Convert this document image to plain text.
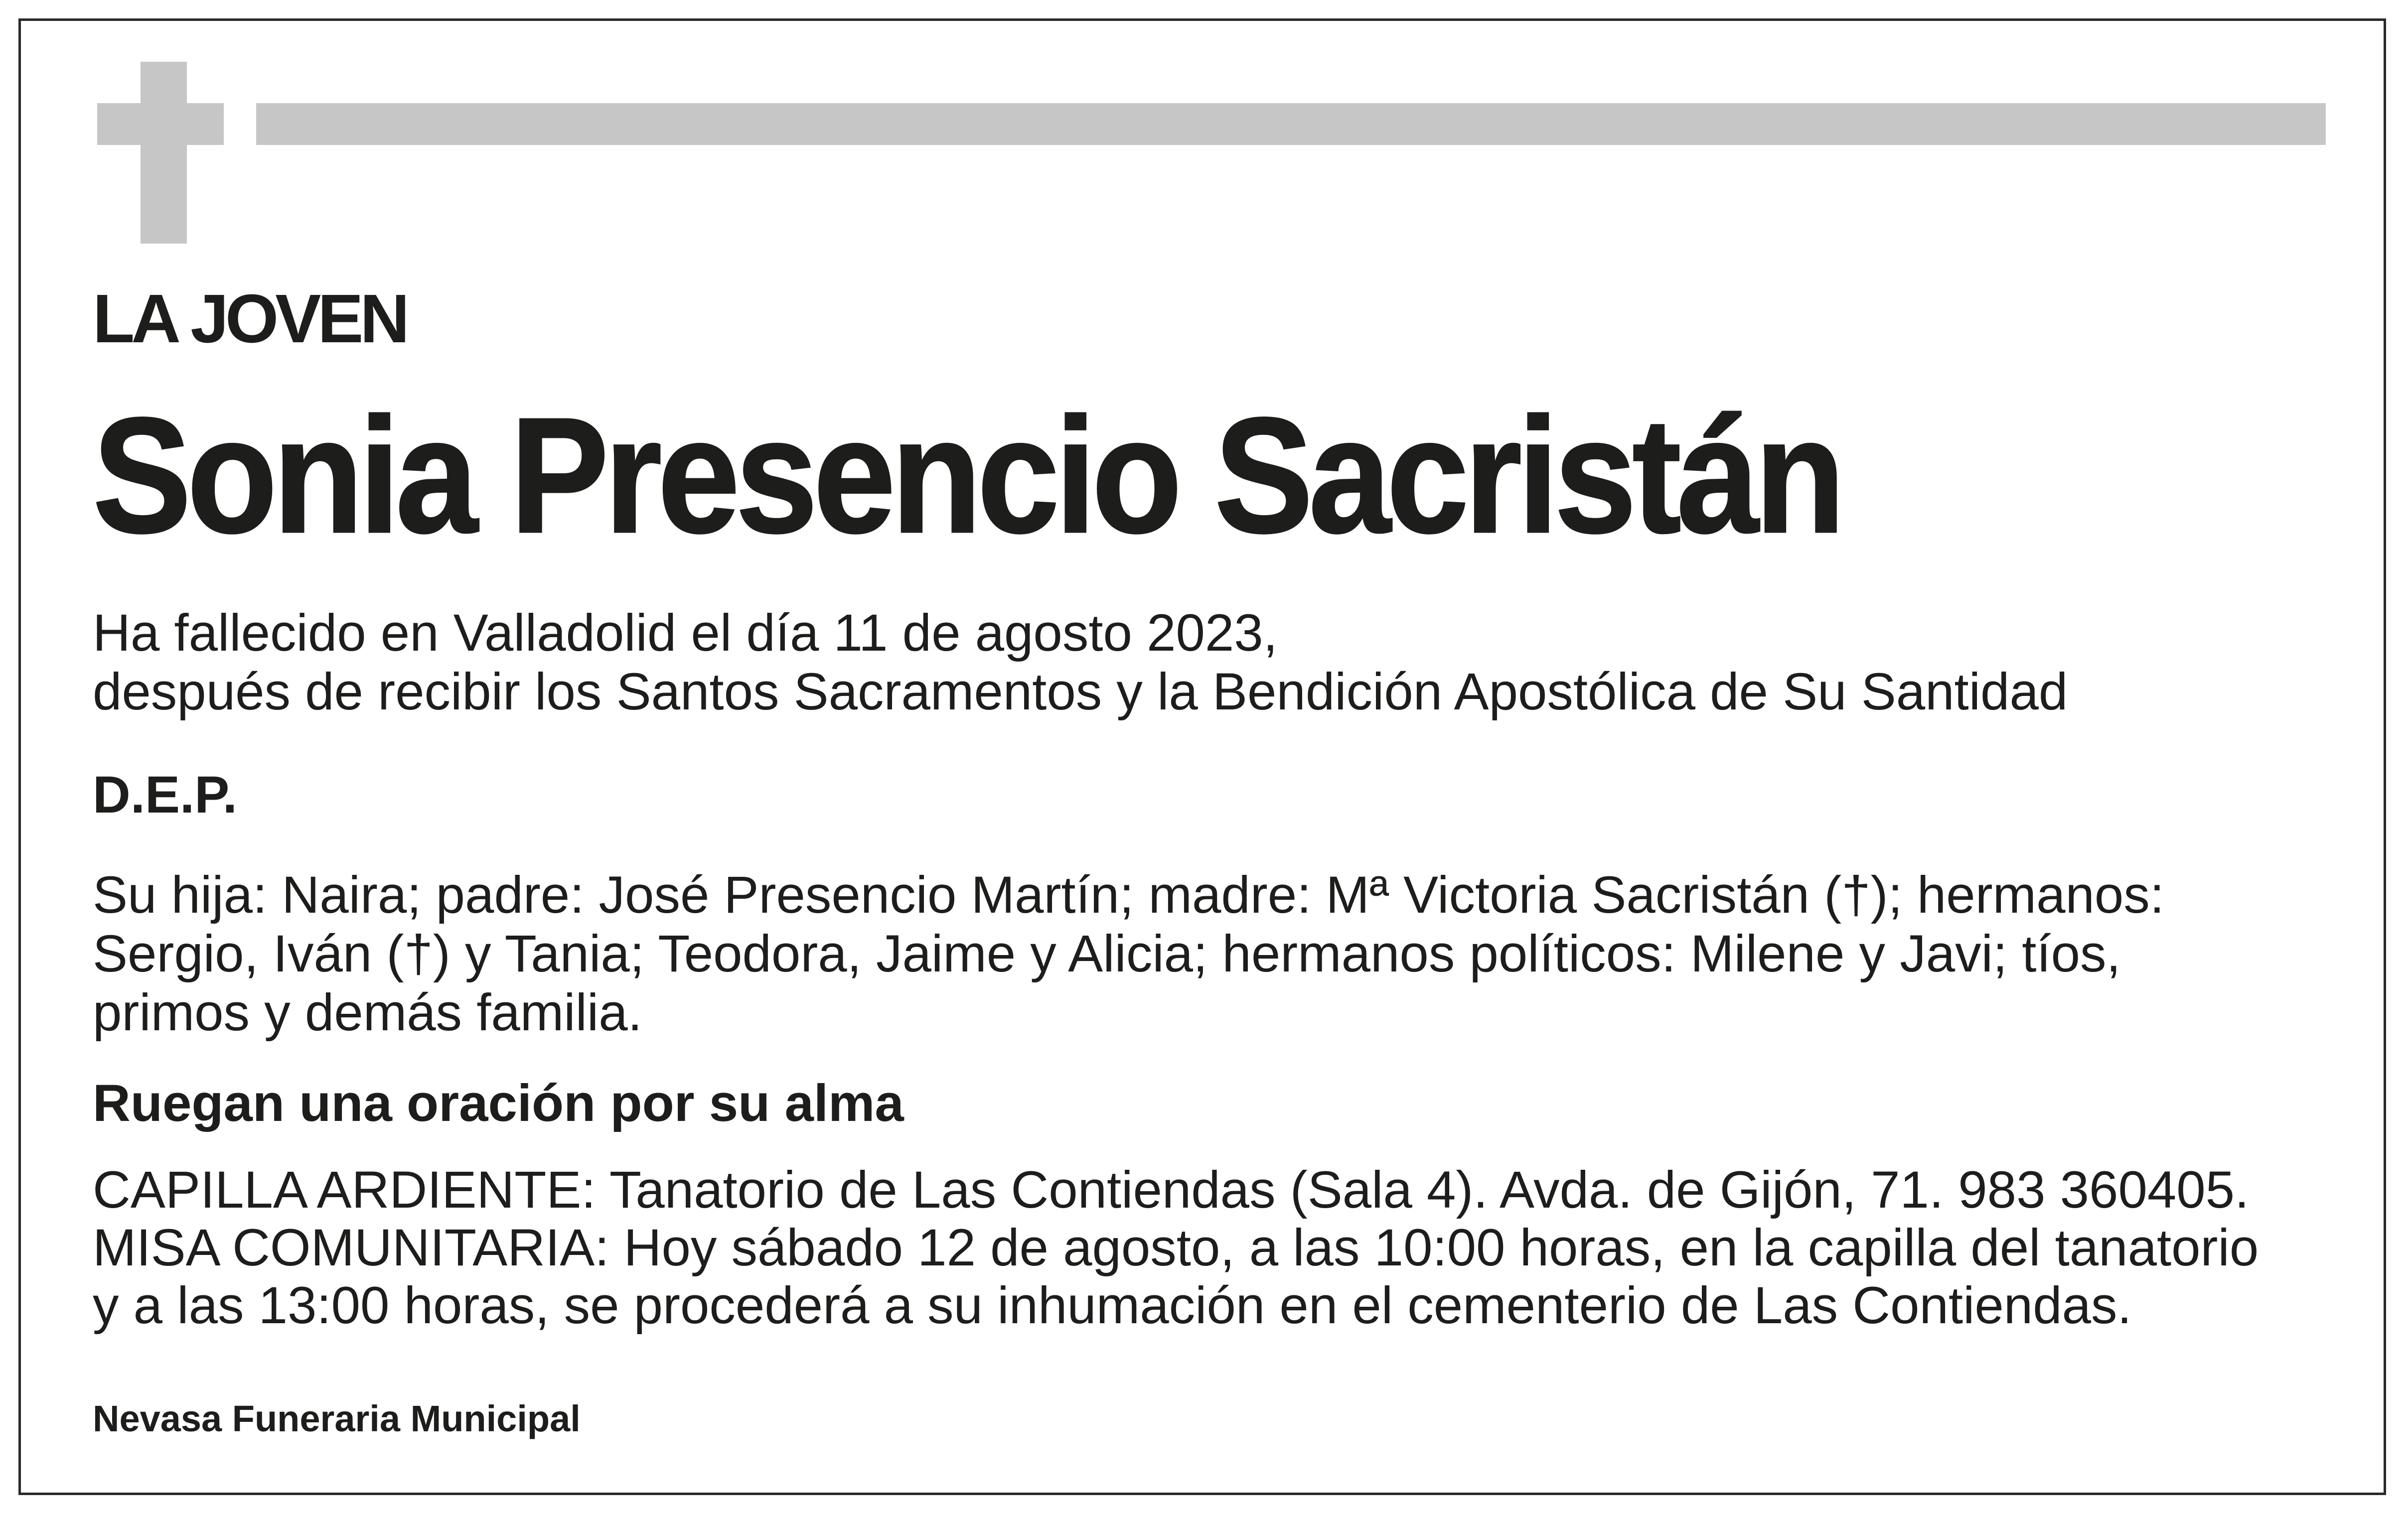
LA JOVEN
Sonia Presencio Sacristán
Ha fallecido en Valladolid el día 11 de agosto 2023,
después de recibir los Santos Sacramentos y la Bendición Apostólica de Su Santidad
D.E.P.
Su hija: Naira; padre: José Presencio Martín; madre: Mª Victoria Sacristán (†); hermanos:
Sergio, Iván (†) y Tania; Teodora, Jaime y Alicia; hermanos políticos: Milene y Javi; tíos,
primos y demás familia.
Ruegan una oración por su alma
CAPILLA ARDIENTE: Tanatorio de Las Contiendas (Sala 4). Avda. de Gijón, 71. 983 360405.
MISA COMUNITARIA: Hoy sábado 12 de agosto, a las 10:00 horas, en la capilla del tanatorio
y a las 13:00 horas, se procederá a su inhumación en el cementerio de Las Contiendas.
Nevasa Funeraria Municipal
